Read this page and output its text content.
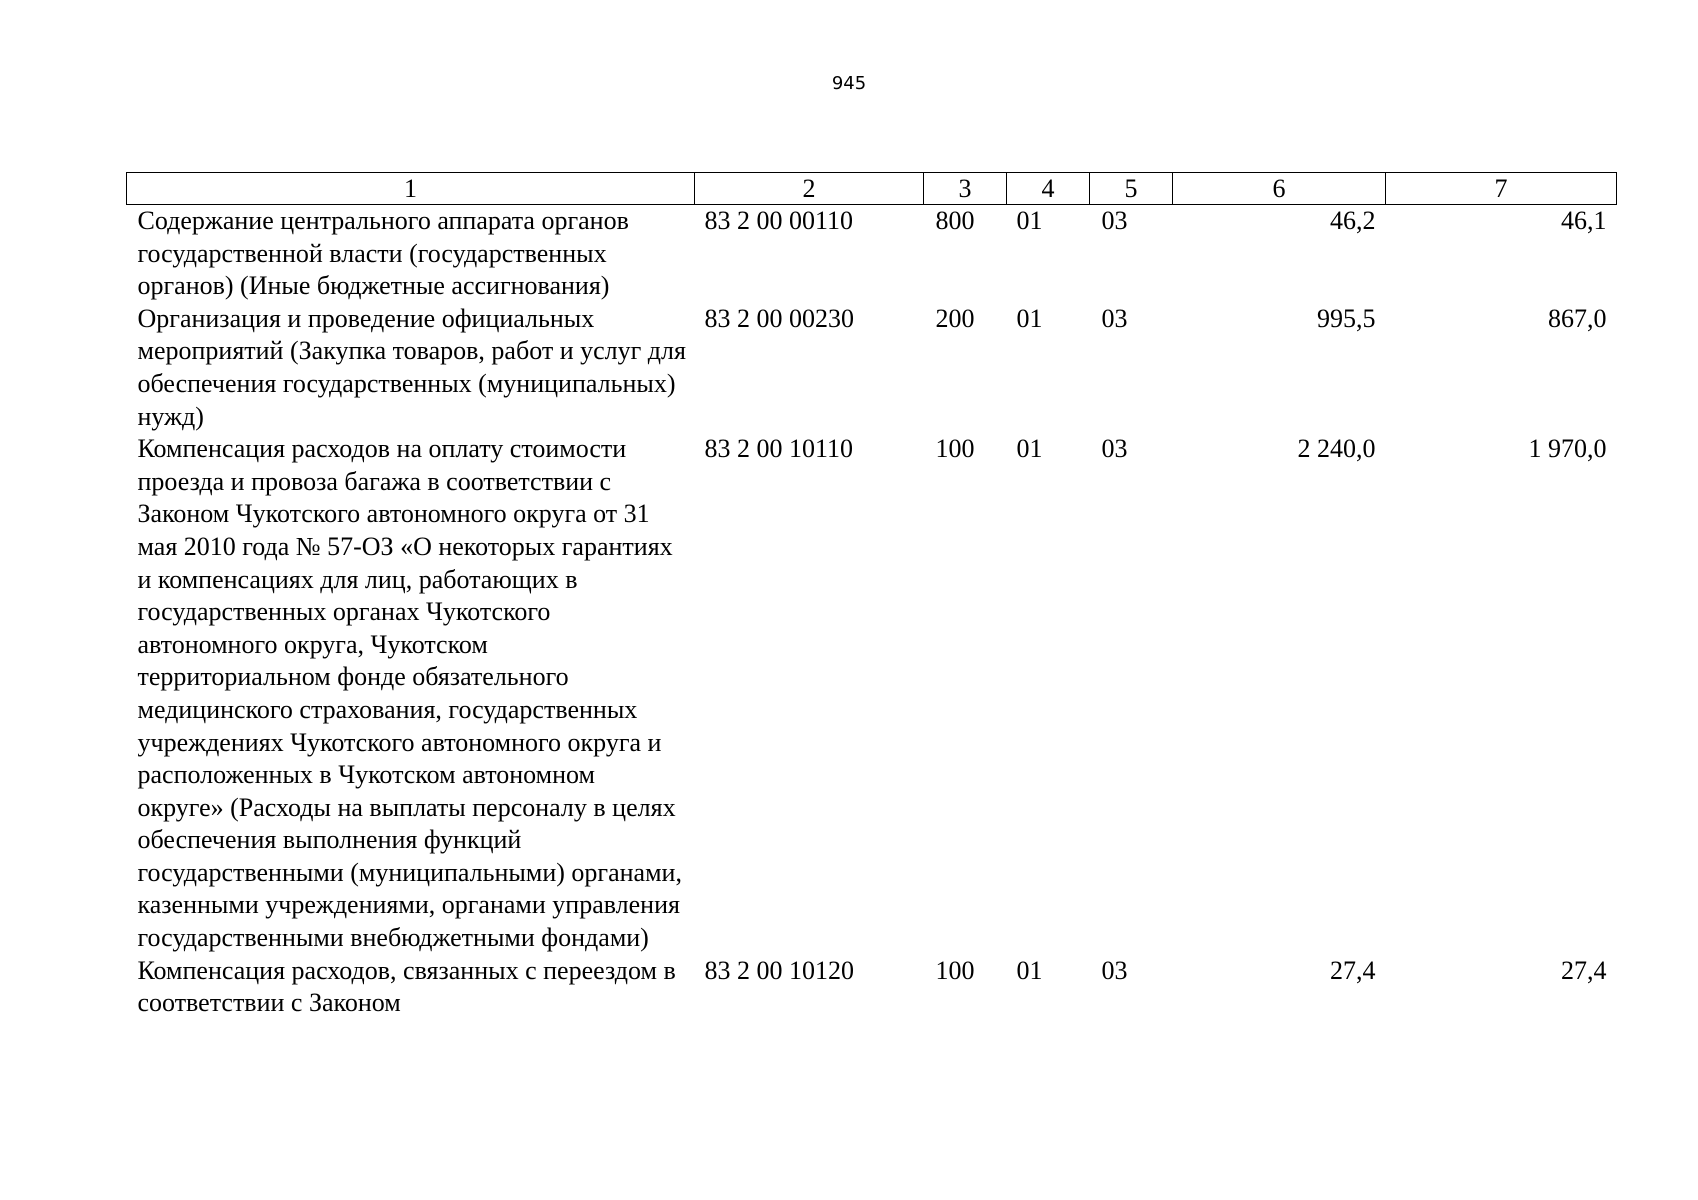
945
1	2	3	4	5	6	7
Содержание центрального аппарата органов государственной власти (государственных органов) (Иные бюджетные ассигнования)	83 2 00 00110	800	01	03	46,2	46,1
Организация и проведение официальных мероприятий (Закупка товаров, работ и услуг для обеспечения государственных (муниципальных) нужд)	83 2 00 00230	200	01	03	995,5	867,0
Компенсация расходов на оплату стоимости проезда и провоза багажа в соответствии с Законом Чукотского автономного округа от 31 мая 2010 года № 57-ОЗ «О некоторых гарантиях и компенсациях для лиц, работающих в государственных органах Чукотского автономного округа, Чукотском территориальном фонде обязательного медицинского страхования, государственных учреждениях Чукотского автономного округа и расположенных в Чукотском автономном округе» (Расходы на выплаты персоналу в целях обеспечения выполнения функций государственными (муниципальными) органами, казенными учреждениями, органами управления государственными внебюджетными фондами)	83 2 00 10110	100	01	03	2 240,0	1 970,0
Компенсация расходов, связанных с переездом в соответствии с Законом	83 2 00 10120	100	01	03	27,4	27,4
